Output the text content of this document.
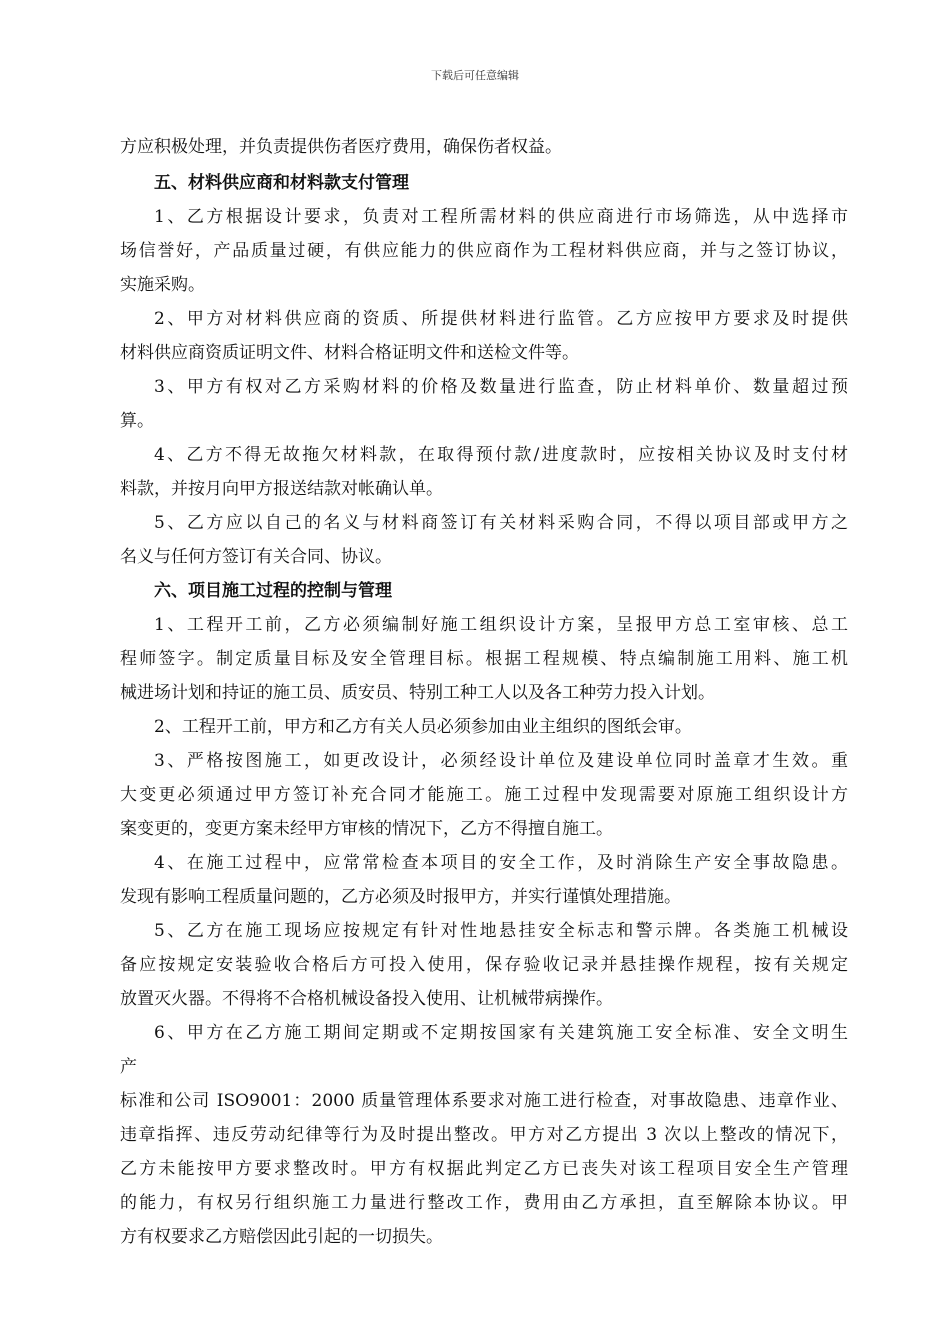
下载后可任意编辑
方应积极处理，并负责提供伤者医疗费用，确保伤者权益。
五、材料供应商和材料款支付管理
1、乙方根据设计要求，负责对工程所需材料的供应商进行市场筛选，从中选择市
场信誉好，产品质量过硬，有供应能力的供应商作为工程材料供应商，并与之签订协议，
实施采购。
2、甲方对材料供应商的资质、所提供材料进行监管。乙方应按甲方要求及时提供
材料供应商资质证明文件、材料合格证明文件和送检文件等。
3、甲方有权对乙方采购材料的价格及数量进行监查，防止材料单价、数量超过预
算。
4、乙方不得无故拖欠材料款，在取得预付款/进度款时，应按相关协议及时支付材
料款，并按月向甲方报送结款对帐确认单。
5、乙方应以自己的名义与材料商签订有关材料采购合同，不得以项目部或甲方之
名义与任何方签订有关合同、协议。
六、项目施工过程的控制与管理
1、工程开工前，乙方必须编制好施工组织设计方案，呈报甲方总工室审核、总工
程师签字。制定质量目标及安全管理目标。根据工程规模、特点编制施工用料、施工机
械进场计划和持证的施工员、质安员、特别工种工人以及各工种劳力投入计划。
2、工程开工前，甲方和乙方有关人员必须参加由业主组织的图纸会审。
3、严格按图施工，如更改设计，必须经设计单位及建设单位同时盖章才生效。重
大变更必须通过甲方签订补充合同才能施工。施工过程中发现需要对原施工组织设计方
案变更的，变更方案未经甲方审核的情况下，乙方不得擅自施工。
4、在施工过程中，应常常检查本项目的安全工作，及时消除生产安全事故隐患。
发现有影响工程质量问题的，乙方必须及时报甲方，并实行谨慎处理措施。
5、乙方在施工现场应按规定有针对性地悬挂安全标志和警示牌。各类施工机械设
备应按规定安装验收合格后方可投入使用，保存验收记录并悬挂操作规程，按有关规定
放置灭火器。不得将不合格机械设备投入使用、让机械带病操作。
6、甲方在乙方施工期间定期或不定期按国家有关建筑施工安全标准、安全文明生
产
标准和公司 ISO9001：2000 质量管理体系要求对施工进行检查，对事故隐患、违章作业、
违章指挥、违反劳动纪律等行为及时提出整改。甲方对乙方提出 3 次以上整改的情况下，
乙方未能按甲方要求整改时。甲方有权据此判定乙方已丧失对该工程项目安全生产管理
的能力，有权另行组织施工力量进行整改工作，费用由乙方承担，直至解除本协议。甲
方有权要求乙方赔偿因此引起的一切损失。
